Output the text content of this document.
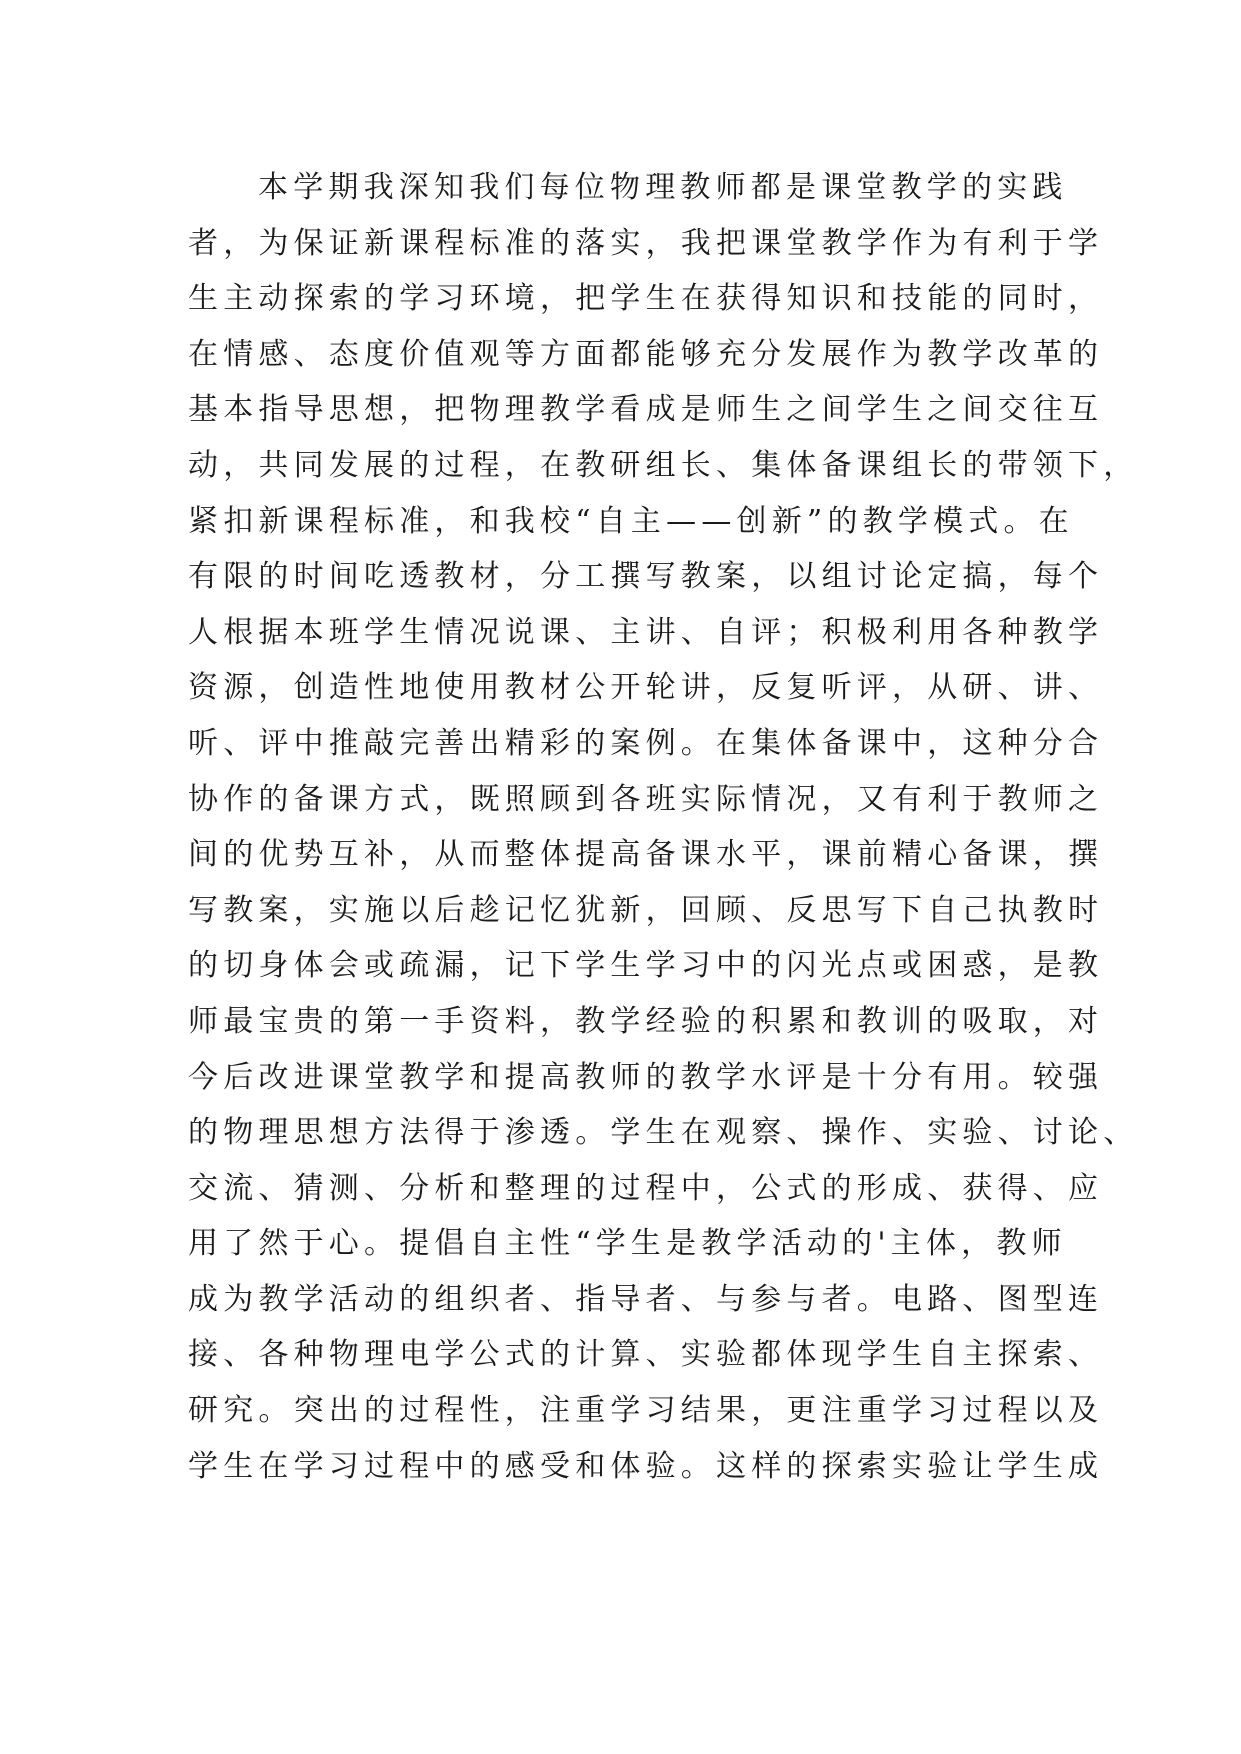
本学期我深知我们每位物理教师都是课堂教学的实践
者，为保证新课程标准的落实，我把课堂教学作为有利于学
生主动探索的学习环境，把学生在获得知识和技能的同时，
在情感、态度价值观等方面都能够充分发展作为教学改革的
基本指导思想，把物理教学看成是师生之间学生之间交往互
动，共同发展的过程，在教研组长、集体备课组长的带领下，
紧扣新课程标准，和我校“自主——创新”的教学模式。在
有限的时间吃透教材，分工撰写教案，以组讨论定搞，每个
人根据本班学生情况说课、主讲、自评；积极利用各种教学
资源，创造性地使用教材公开轮讲，反复听评，从研、讲、
听、评中推敲完善出精彩的案例。在集体备课中，这种分合
协作的备课方式，既照顾到各班实际情况，又有利于教师之
间的优势互补，从而整体提高备课水平，课前精心备课，撰
写教案，实施以后趁记忆犹新，回顾、反思写下自己执教时
的切身体会或疏漏，记下学生学习中的闪光点或困惑，是教
师最宝贵的第一手资料，教学经验的积累和教训的吸取，对
今后改进课堂教学和提高教师的教学水评是十分有用。较强
的物理思想方法得于渗透。学生在观察、操作、实验、讨论、
交流、猜测、分析和整理的过程中，公式的形成、获得、应
用了然于心。提倡自主性“学生是教学活动的'主体，教师
成为教学活动的组织者、指导者、与参与者。电路、图型连
接、各种物理电学公式的计算、实验都体现学生自主探索、
研究。突出的过程性，注重学习结果，更注重学习过程以及
学生在学习过程中的感受和体验。这样的探索实验让学生成
